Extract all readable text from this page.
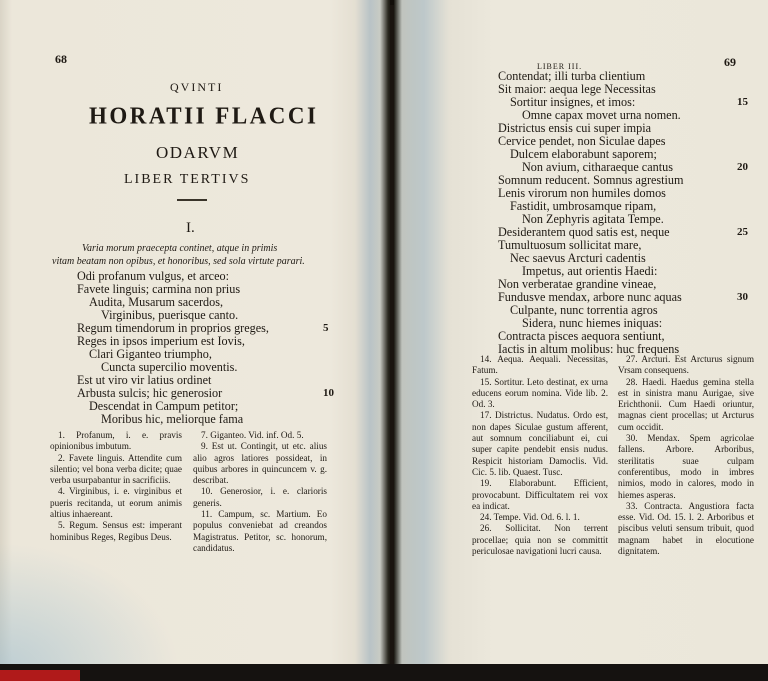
68
QVINTI
HORATII FLACCI
ODARVM
LIBER TERTIVS
I.
Varia morum praecepta continet, atque in primis
vitam beatam non opibus, et honoribus, sed sola virtute parari.
Odi profanum vulgus, et arceo:
Favete linguis; carmina non prius
Audita, Musarum sacerdos,
Virginibus, puerisque canto.
Regum timendorum in proprios greges,	5
Reges in ipsos imperium est Iovis,
Clari Giganteo triumpho,
Cuncta supercilio moventis.
Est ut viro vir latius ordinet
Arbusta sulcis; hic generosior	10
Descendat in Campum petitor;
Moribus hic, meliorque fama

1. Profanum, i. e. pravis opinionibus imbutum.

2. Favete linguis. Attendite cum silentio; vel bona verba dicite; quae verba usurpabantur in sacrificiis.

4. Virginibus, i. e. virginibus et pueris recitanda, ut eorum animis altius inhaereant.

5. Regum. Sensus est: imperant hominibus Reges, Regibus Deus.

7. Giganteo. Vid. inf. Od. 5.

9. Est ut. Contingit, ut etc. alius alio agros latiores possideat, in quibus arbores in quincuncem v. g. describat.

10. Generosior, i. e. clarioris generis.

11. Campum, sc. Martium. Eo populus conveniebat ad creandos Magistratus. Petitor, sc. honorum, candidatus.

LIBER III.	69
Contendat; illi turba clientium
Sit maior: aequa lege Necessitas
Sortitur insignes, et imos:	15
Omne capax movet urna nomen.
Districtus ensis cui super impia
Cervice pendet, non Siculae dapes
Dulcem elaborabunt saporem;
Non avium, citharaeque cantus	20
Somnum reducent. Somnus agrestium
Lenis virorum non humiles domos
Fastidit, umbrosamque ripam,
Non Zephyris agitata Tempe.
Desiderantem quod satis est, neque	25
Tumultuosum sollicitat mare,
Nec saevus Arcturi cadentis
Impetus, aut orientis Haedi:
Non verberatae grandine vineae,
Fundusve mendax, arbore nunc aquas	30
Culpante, nunc torrentia agros
Sidera, nunc hiemes iniquas:
Contracta pisces aequora sentiunt,
Iactis in altum molibus: huc frequens

14. Aequa. Aequali. Necessitas, Fatum.

15. Sortitur. Leto destinat, ex urna educens eorum nomina. Vide lib. 2. Od. 3.

17. Districtus. Nudatus. Ordo est, non dapes Siculae gustum afferent, aut somnum conciliabunt ei, cui super capite pendebit ensis nudus. Respicit historiam Damoclis. Vid. Cic. 5. lib. Quaest. Tusc.

19. Elaborabunt. Efficient, provocabunt. Difficultatem rei vox ea indicat.

24. Tempe. Vid. Od. 6. l. 1.

26. Sollicitat. Non terrent procellae; quia non se committit periculosae navigationi lucri causa.

27. Arcturi. Est Arcturus signum Vrsam consequens.

28. Haedi. Haedus gemina stella est in sinistra manu Aurigae, sive Erichthonii. Cum Haedi oriuntur, magnas cient procellas; ut Arcturus cum occidit.

30. Mendax. Spem agricolae fallens. Arbore. Arboribus, sterilitatis suae culpam conferentibus, modo in imbres nimios, modo in calores, modo in hiemes asperas.

33. Contracta. Angustiora facta esse. Vid. Od. 15. l. 2. Arboribus et piscibus veluti sensum tribuit, quod magnam habet in elocutione dignitatem.
